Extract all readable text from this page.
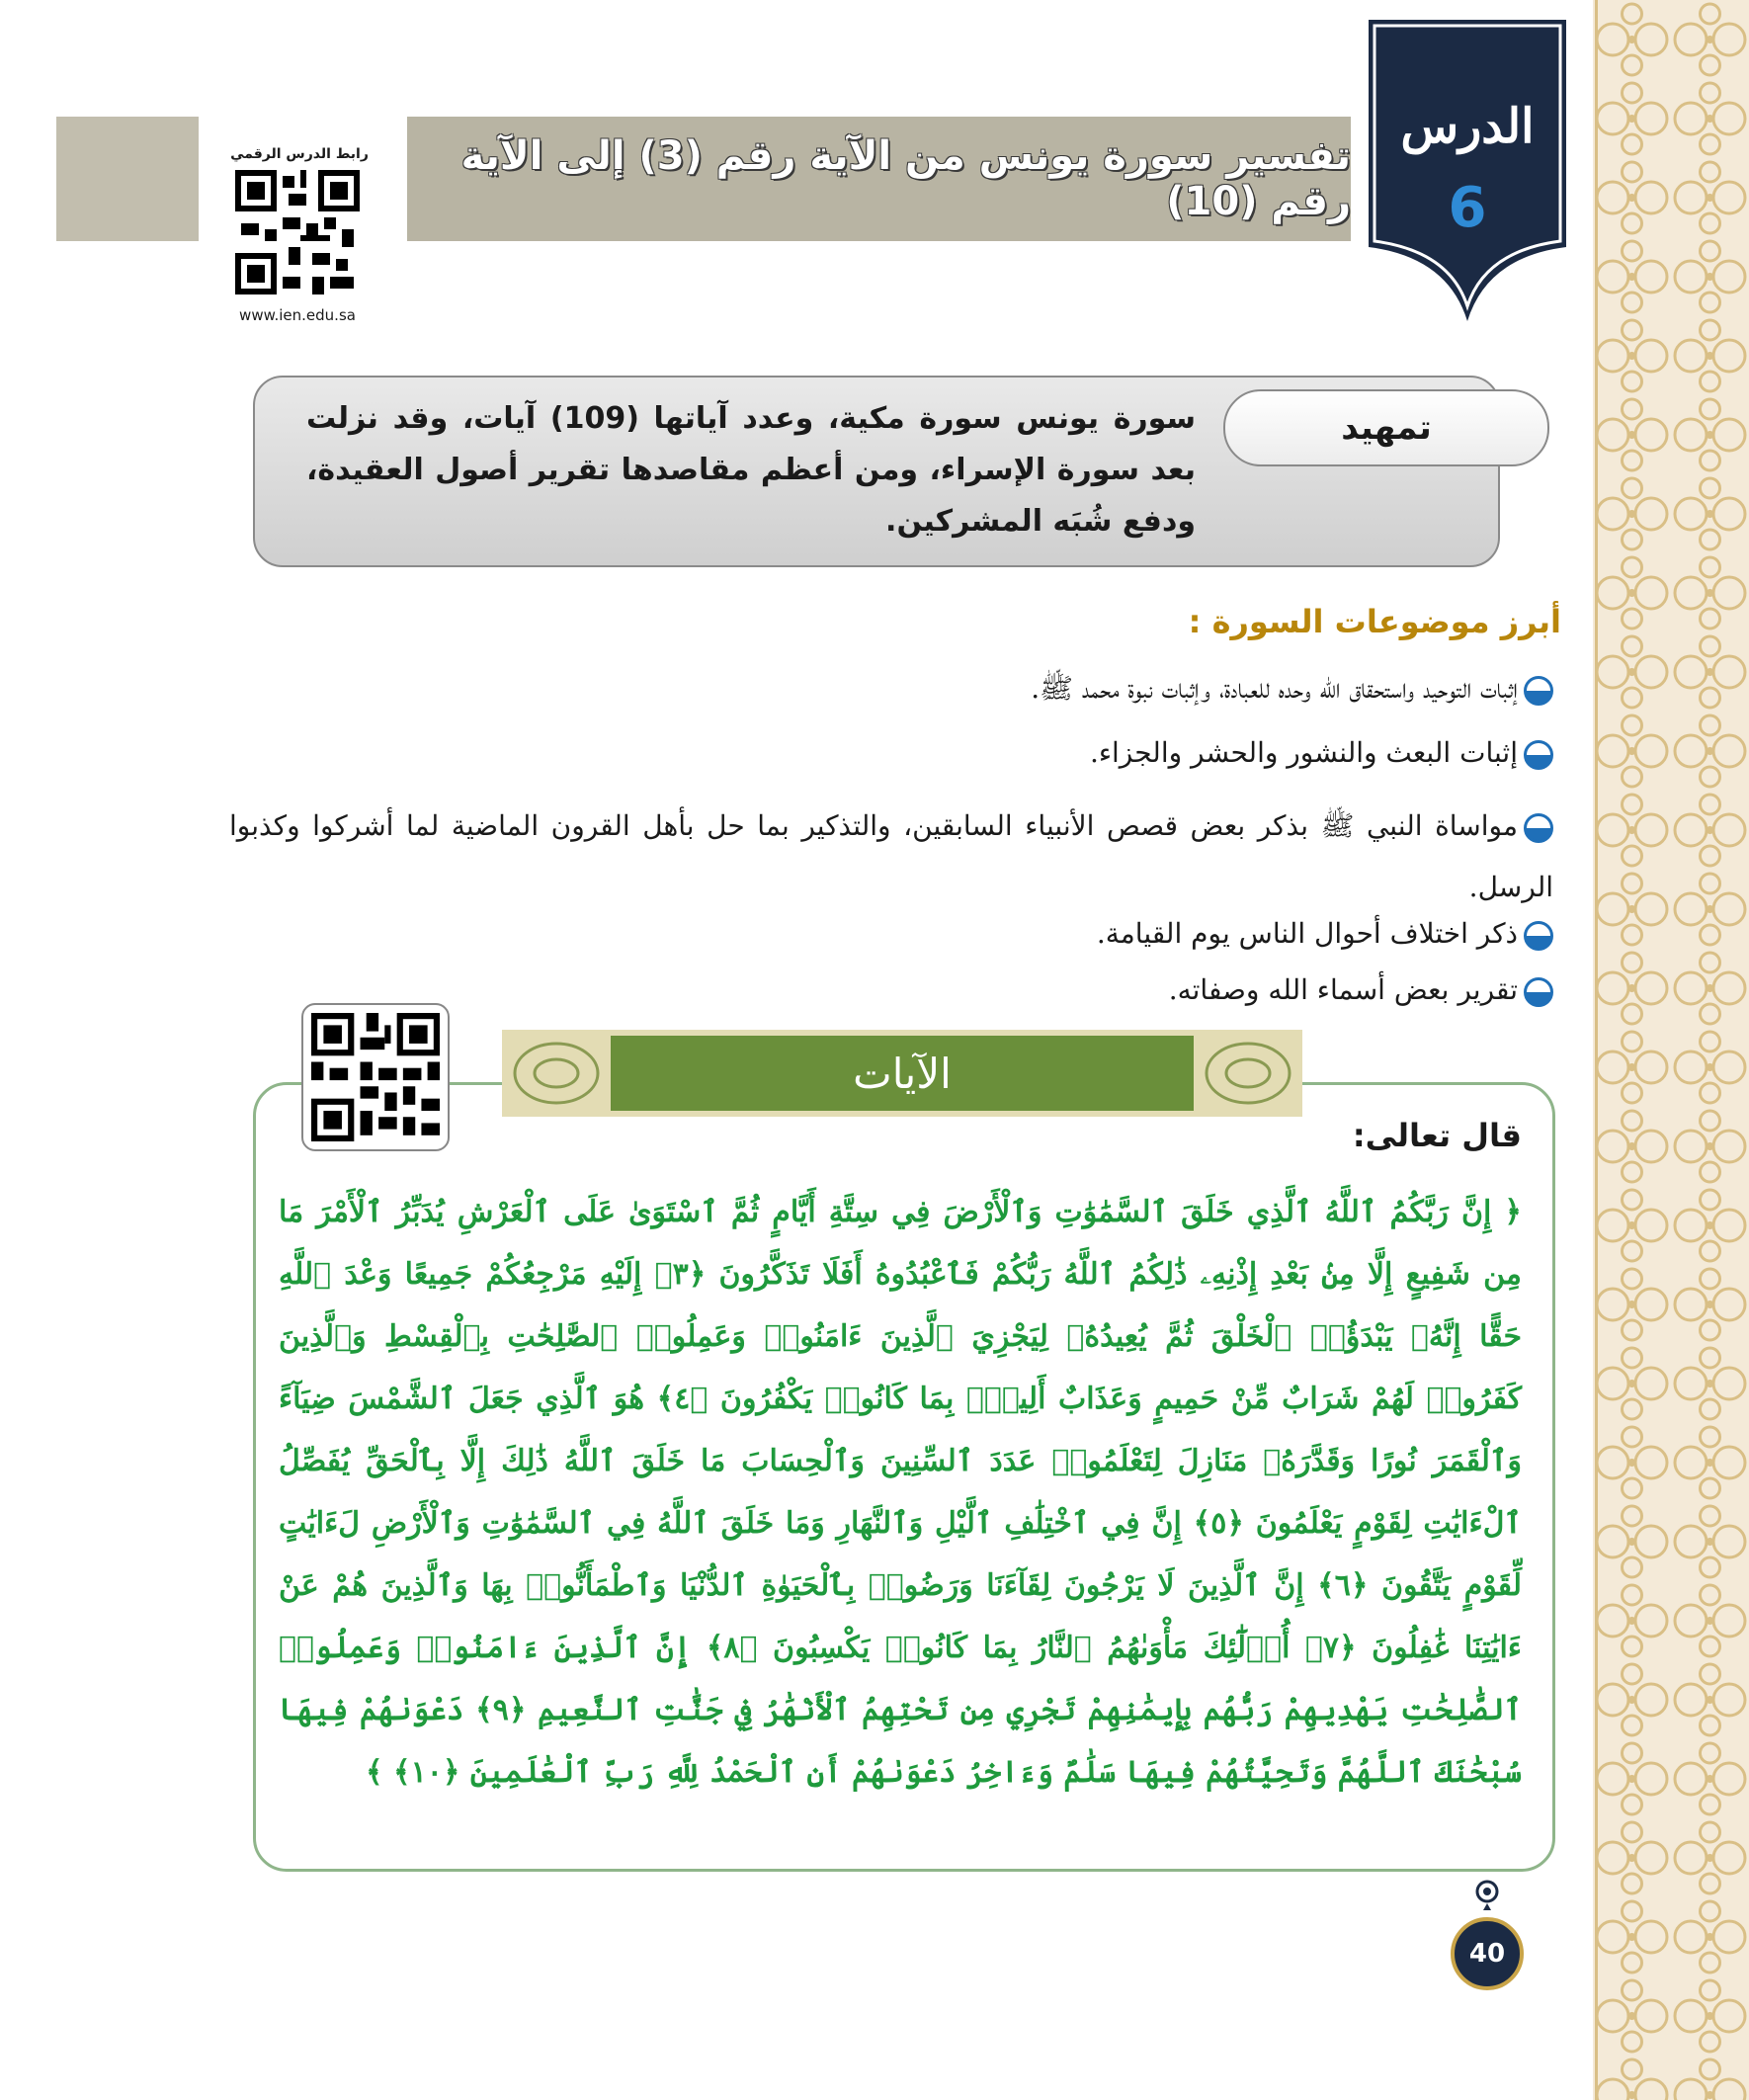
الدرس
6
تفسير سورة يونس من الآية رقم (3) إلى الآية رقم (10)
رابط الدرس الرقمي
www.ien.edu.sa
تمهيد
سورة يونس سورة مكية، وعدد آياتها (109) آيات، وقد نزلت بعد سورة الإسراء، ومن أعظم مقاصدها تقرير أصول العقيدة، ودفع شُبَه المشركين.
أبرز موضوعات السورة :
إثبات التوحيد واستحقاق الله وحده للعبادة، وإثبات نبوة محمد ﷺ.
إثبات البعث والنشور والحشر والجزاء.
مواساة النبي ﷺ بذكر بعض قصص الأنبياء السابقين، والتذكير بما حل بأهل القرون الماضية لما أشركوا وكذبوا الرسل.
ذكر اختلاف أحوال الناس يوم القيامة.
تقرير بعض أسماء الله وصفاته.
الآيات
قال تعالى:
﴿ إِنَّ رَبَّكُمُ ٱللَّهُ ٱلَّذِي خَلَقَ ٱلسَّمَٰوَٰتِ وَٱلْأَرْضَ فِي سِتَّةِ أَيَّامٍ ثُمَّ ٱسْتَوَىٰ عَلَى ٱلْعَرْشِ يُدَبِّرُ ٱلْأَمْرَ مَا مِن شَفِيعٍ إِلَّا مِنۢ بَعْدِ إِذْنِهِۦ ذَٰلِكُمُ ٱللَّهُ رَبُّكُمْ فَٱعْبُدُوهُ أَفَلَا تَذَكَّرُونَ ﴿٣﴾ إِلَيْهِ مَرْجِعُكُمْ جَمِيعًا وَعْدَ ٱللَّهِ حَقًّا إِنَّهُۥ يَبْدَؤُا۟ ٱلْخَلْقَ ثُمَّ يُعِيدُهُۥ لِيَجْزِيَ ٱلَّذِينَ ءَامَنُوا۟ وَعَمِلُوا۟ ٱلصَّٰلِحَٰتِ بِٱلْقِسْطِ وَٱلَّذِينَ كَفَرُوا۟ لَهُمْ شَرَابٌ مِّنْ حَمِيمٍ وَعَذَابٌ أَلِيمٌۢ بِمَا كَانُوا۟ يَكْفُرُونَ ﴿٤﴾ هُوَ ٱلَّذِي جَعَلَ ٱلشَّمْسَ ضِيَآءً وَٱلْقَمَرَ نُورًا وَقَدَّرَهُۥ مَنَازِلَ لِتَعْلَمُوا۟ عَدَدَ ٱلسِّنِينَ وَٱلْحِسَابَ مَا خَلَقَ ٱللَّهُ ذَٰلِكَ إِلَّا بِٱلْحَقِّ يُفَصِّلُ ٱلْءَايَٰتِ لِقَوْمٍ يَعْلَمُونَ ﴿٥﴾ إِنَّ فِي ٱخْتِلَٰفِ ٱلَّيْلِ وَٱلنَّهَارِ وَمَا خَلَقَ ٱللَّهُ فِي ٱلسَّمَٰوَٰتِ وَٱلْأَرْضِ لَءَايَٰتٍ لِّقَوْمٍ يَتَّقُونَ ﴿٦﴾ إِنَّ ٱلَّذِينَ لَا يَرْجُونَ لِقَآءَنَا وَرَضُوا۟ بِٱلْحَيَوٰةِ ٱلدُّنْيَا وَٱطْمَأَنُّوا۟ بِهَا وَٱلَّذِينَ هُمْ عَنْ ءَايَٰتِنَا غَٰفِلُونَ ﴿٧﴾ أُو۟لَٰٓئِكَ مَأْوَىٰهُمُ ٱلنَّارُ بِمَا كَانُوا۟ يَكْسِبُونَ ﴿٨﴾ إِنَّ ٱلَّذِينَ ءَامَنُوا۟ وَعَمِلُوا۟ ٱلصَّٰلِحَٰتِ يَهْدِيهِمْ رَبُّهُم بِإِيمَٰنِهِمْ تَجْرِي مِن تَحْتِهِمُ ٱلْأَنْهَٰرُ فِي جَنَّٰتِ ٱلنَّعِيمِ ﴿٩﴾ دَعْوَىٰهُمْ فِيهَا سُبْحَٰنَكَ ٱللَّهُمَّ وَتَحِيَّتُهُمْ فِيهَا سَلَٰمٌ وَءَاخِرُ دَعْوَىٰهُمْ أَنِ ٱلْحَمْدُ لِلَّهِ رَبِّ ٱلْعَٰلَمِينَ ﴿١٠﴾ ﴾
40
